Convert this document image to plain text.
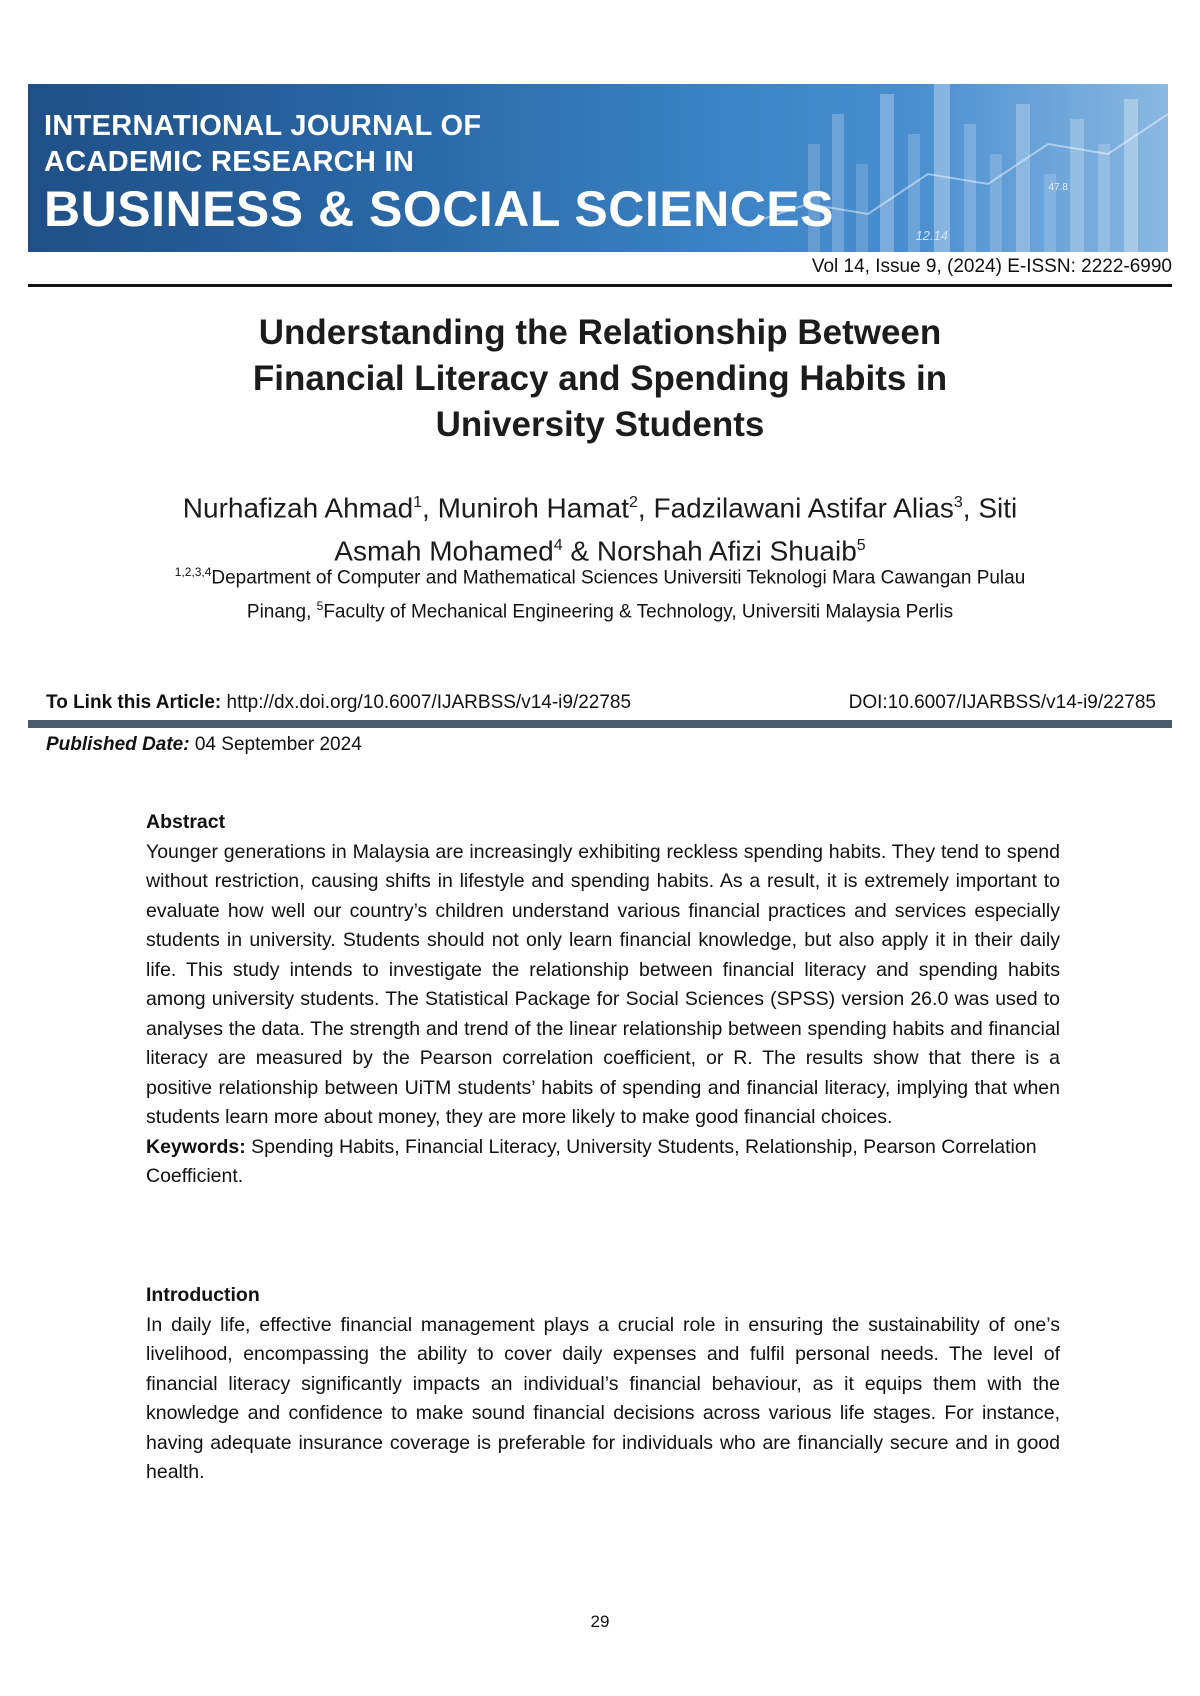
INTERNATIONAL JOURNAL OF
ACADEMIC RESEARCH IN
BUSINESS & SOCIAL SCIENCES	12.14
47.8
Vol 14, Issue 9, (2024) E-ISSN: 2222-6990
Understanding the Relationship Between
Financial Literacy and Spending Habits in
University Students
Nurhafizah Ahmad$^1$, Muniroh Hamat$^2$, Fadzilawani Astifar Alias$^3$, Siti Asmah Mohamed$^4$ & Norshah Afizi Shuaib$^5$
$^{1,2,3,4}$Department of Computer and Mathematical Sciences Universiti Teknologi Mara Cawangan Pulau Pinang, $^5$Faculty of Mechanical Engineering & Technology, Universiti Malaysia Perlis
To Link this Article: http://dx.doi.org/10.6007/IJARBSS/v14-i9/22785	DOI:10.6007/IJARBSS/v14-i9/22785
Published Date: 04 September 2024
Abstract

Younger generations in Malaysia are increasingly exhibiting reckless spending habits. They tend to spend without restriction, causing shifts in lifestyle and spending habits. As a result, it is extremely important to evaluate how well our country’s children understand various financial practices and services especially students in university. Students should not only learn financial knowledge, but also apply it in their daily life. This study intends to investigate the relationship between financial literacy and spending habits among university students. The Statistical Package for Social Sciences (SPSS) version 26.0 was used to analyses the data. The strength and trend of the linear relationship between spending habits and financial literacy are measured by the Pearson correlation coefficient, or R. The results show that there is a positive relationship between UiTM students’ habits of spending and financial literacy, implying that when students learn more about money, they are more likely to make good financial choices.

Keywords: Spending Habits, Financial Literacy, University Students, Relationship, Pearson Correlation Coefficient.
Introduction

In daily life, effective financial management plays a crucial role in ensuring the sustainability of one’s livelihood, encompassing the ability to cover daily expenses and fulfil personal needs. The level of financial literacy significantly impacts an individual’s financial behaviour, as it equips them with the knowledge and confidence to make sound financial decisions across various life stages. For instance, having adequate insurance coverage is preferable for individuals who are financially secure and in good health.

29
